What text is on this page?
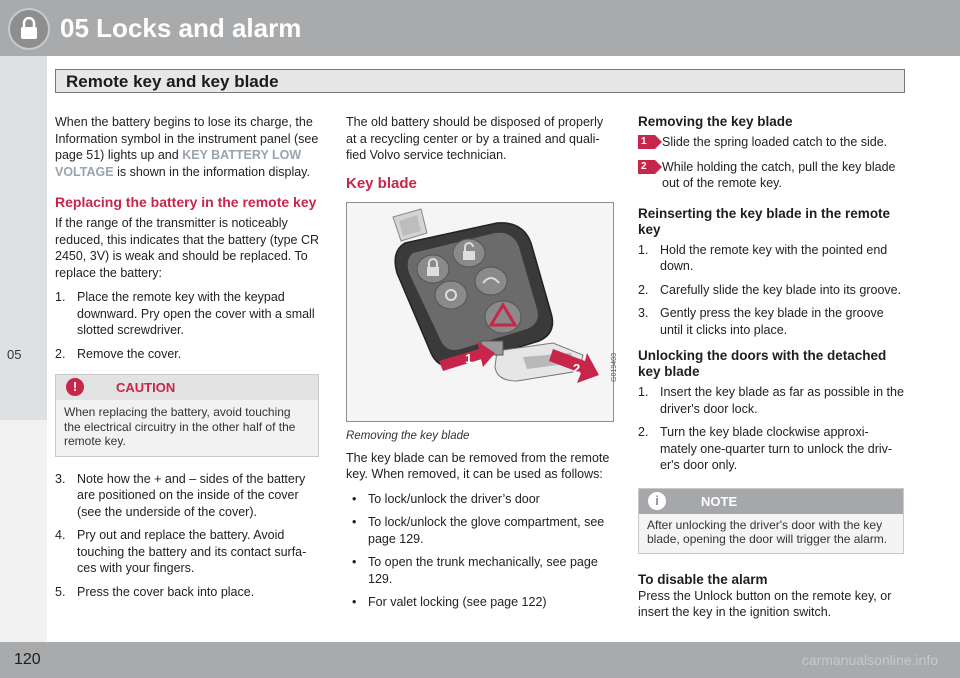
05 Locks and alarm
05
Remote key and key blade

When the battery begins to lose its charge, the Information symbol in the instrument panel (see page 51) lights up and KEY BATTERY LOW VOLTAGE is shown in the information display.

Replacing the battery in the remote key

If the range of the transmitter is noticeably reduced, this indicates that the battery (type CR 2450, 3V) is weak and should be replaced. To replace the battery:

1. Place the remote key with the keypad downward. Pry open the cover with a small slotted screwdriver.
2. Remove the cover.
!	CAUTION
When replacing the battery, avoid touching the electrical circuitry in the other half of the remote key.
3. Note how the + and – sides of the battery are positioned on the inside of the cover (see the underside of the cover).
4. Pry out and replace the battery. Avoid touching the battery and its contact surfa- ces with your fingers.
5. Press the cover back into place.

The old battery should be disposed of properly at a recycling center or by a trained and quali- fied Volvo service technician.

Key blade
1
2	G019403
Removing the key blade

The key blade can be removed from the remote key. When removed, it can be used as follows:

• To lock/unlock the driver’s door
• To lock/unlock the glove compartment, see page 129.
• To open the trunk mechanically, see page 129.
• For valet locking (see page 122)
Removing the key blade
1	Slide the spring loaded catch to the side.
2	While holding the catch, pull the key blade out of the remote key.
Reinserting the key blade in the remote key
1. Hold the remote key with the pointed end down.
2. Carefully slide the key blade into its groove.
3. Gently press the key blade in the groove until it clicks into place.
Unlocking the doors with the detached key blade
1. Insert the key blade as far as possible in the driver's door lock.
2. Turn the key blade clockwise approxi- mately one-quarter turn to unlock the driv- er's door only.
i	NOTE
After unlocking the driver's door with the key blade, opening the door will trigger the alarm.
To disable the alarm

Press the Unlock button on the remote key, or insert the key in the ignition switch.

120	carmanualsonline.info
